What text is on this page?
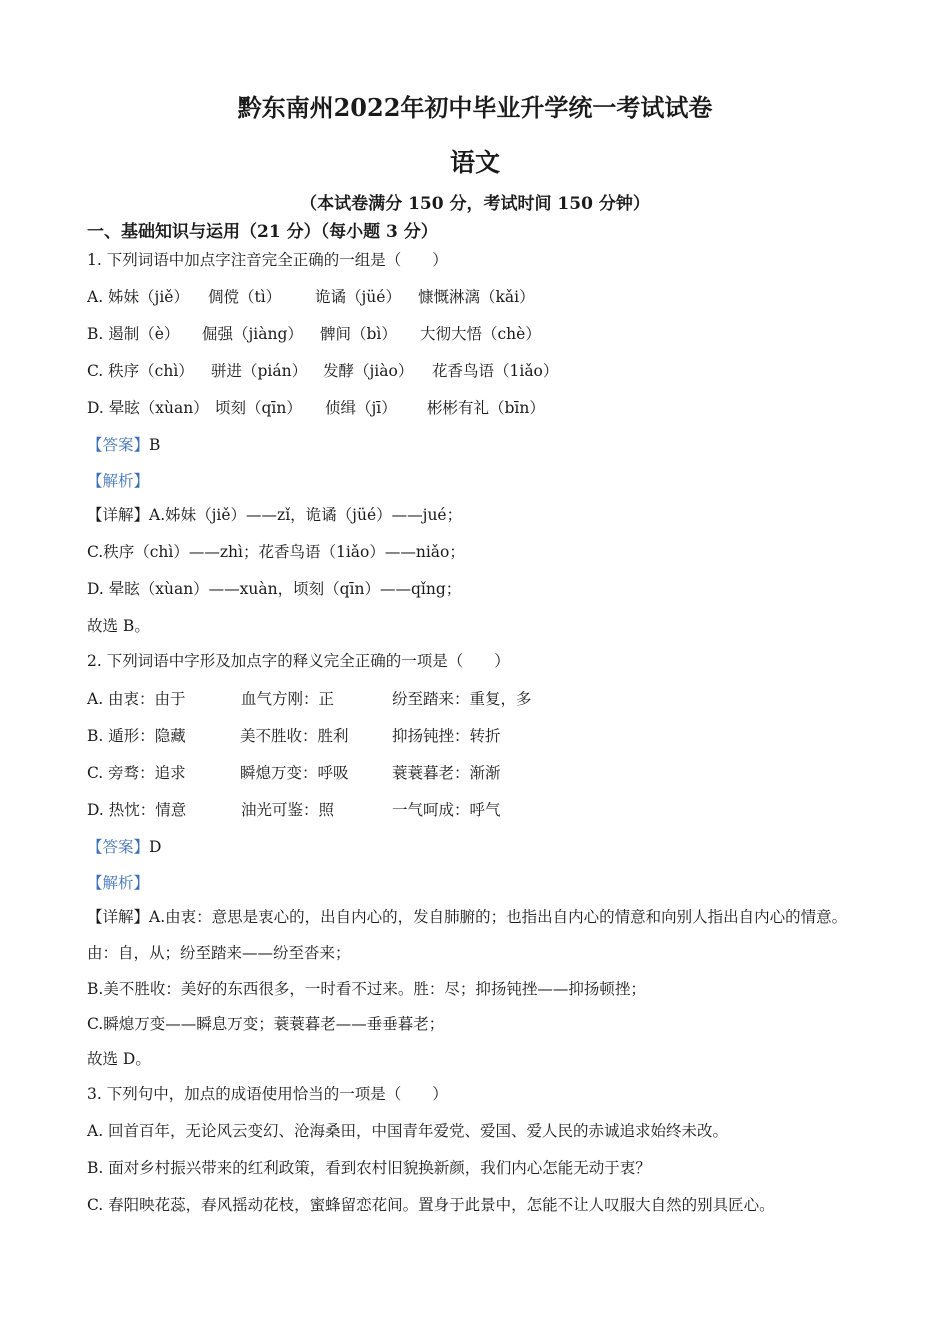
黔东南州2022年初中毕业升学统一考试试卷
语文
（本试卷满分 150 分，考试时间 150 分钟）
一、基础知识与运用（21 分）（每小题 3 分）
1. 下列词语中加点字注音完全正确的一组是（　　）
A. 姊妹（jiě） 倜傥（tì） 诡谲（jüé） 慷慨淋漓（kǎi）
B. 遏制（è） 倔强（jiàng） 髀间（bì） 大彻大悟（chè）
C. 秩序（chì） 骈进（pián） 发酵（jiào） 花香鸟语（1iǎo）
D. 晕眩（xùan） 顷刻（qīn） 侦缉（jī） 彬彬有礼（bīn）
【答案】B
【解析】
【详解】A.姊妹（jiě）——zǐ，诡谲（jüé）——jué；
C.秩序（chì）——zhì；花香鸟语（1iǎo）——niǎo；
D. 晕眩（xùan）——xuàn，顷刻（qīn）——qǐng；
故选 B。
2. 下列词语中字形及加点字的释义完全正确的一项是（　　）
A. 由衷：由于	血气方刚：正	纷至踏来：重复，多
B. 遁形：隐藏	美不胜收：胜利	抑扬钝挫：转折
C. 旁骛：追求	瞬熄万变：呼吸	蓑蓑暮老：渐渐
D. 热忱：情意	油光可鉴：照	一气呵成：呼气
【答案】D
【解析】
【详解】A.由衷：意思是衷心的，出自内心的，发自肺腑的；也指出自内心的情意和向别人指出自内心的情意。由：自，从；纷至踏来——纷至沓来；
B.美不胜收：美好的东西很多，一时看不过来。胜：尽；抑扬钝挫——抑扬顿挫；
C.瞬熄万变——瞬息万变；蓑蓑暮老——垂垂暮老；
故选 D。
3. 下列句中，加点的成语使用恰当的一项是（　　）
A. 回首百年，无论风云变幻、沧海桑田，中国青年爱党、爱国、爱人民的赤诚追求始终未改。
B. 面对乡村振兴带来的红利政策，看到农村旧貌换新颜，我们内心怎能无动于衷？
C. 春阳映花蕊，春风摇动花枝，蜜蜂留恋花间。置身于此景中，怎能不让人叹服大自然的别具匠心。
